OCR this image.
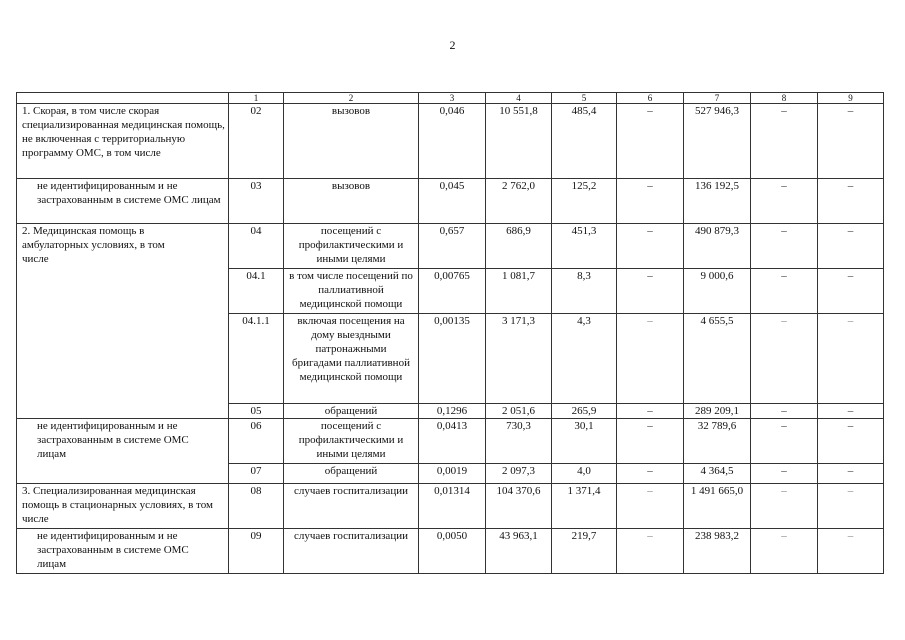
2
	1	2	3	4	5	6	7	8	9
1. Скорая, в том числе скорая специализированная медицинская помощь, не включенная с территориальную программу ОМС, в том числе	02	вызовов	0,046	10 551,8	485,4	–	527 946,3	–	–
не идентифицированным и не застрахованным в системе ОМС лицам	03	вызовов	0,045	2 762,0	125,2	–	136 192,5	–	–
2. Медицинская помощь в амбулаторных условиях, в том числе	04	посещений с профилактическими и иными целями	0,657	686,9	451,3	–	490 879,3	–	–
	04.1	в том числе посещений по паллиативной медицинской помощи	0,00765	1 081,7	8,3	–	9 000,6	–	–
	04.1.1	включая посещения на дому выездными патронажными бригадами паллиативной медицинской помощи	0,00135	3 171,3	4,3	–	4 655,5	–	–
	05	обращений	0,1296	2 051,6	265,9	–	289 209,1	–	–
не идентифицированным и не застрахованным в системе ОМС лицам	06	посещений с профилактическими и иными целями	0,0413	730,3	30,1	–	32 789,6	–	–
	07	обращений	0,0019	2 097,3	4,0	–	4 364,5	–	–
3. Специализированная медицинская помощь в стационарных условиях, в том числе	08	случаев госпитализации	0,01314	104 370,6	1 371,4	–	1 491 665,0	–	–
не идентифицированным и не застрахованным в системе ОМС лицам	09	случаев госпитализации	0,0050	43 963,1	219,7	–	238 983,2	–	–
